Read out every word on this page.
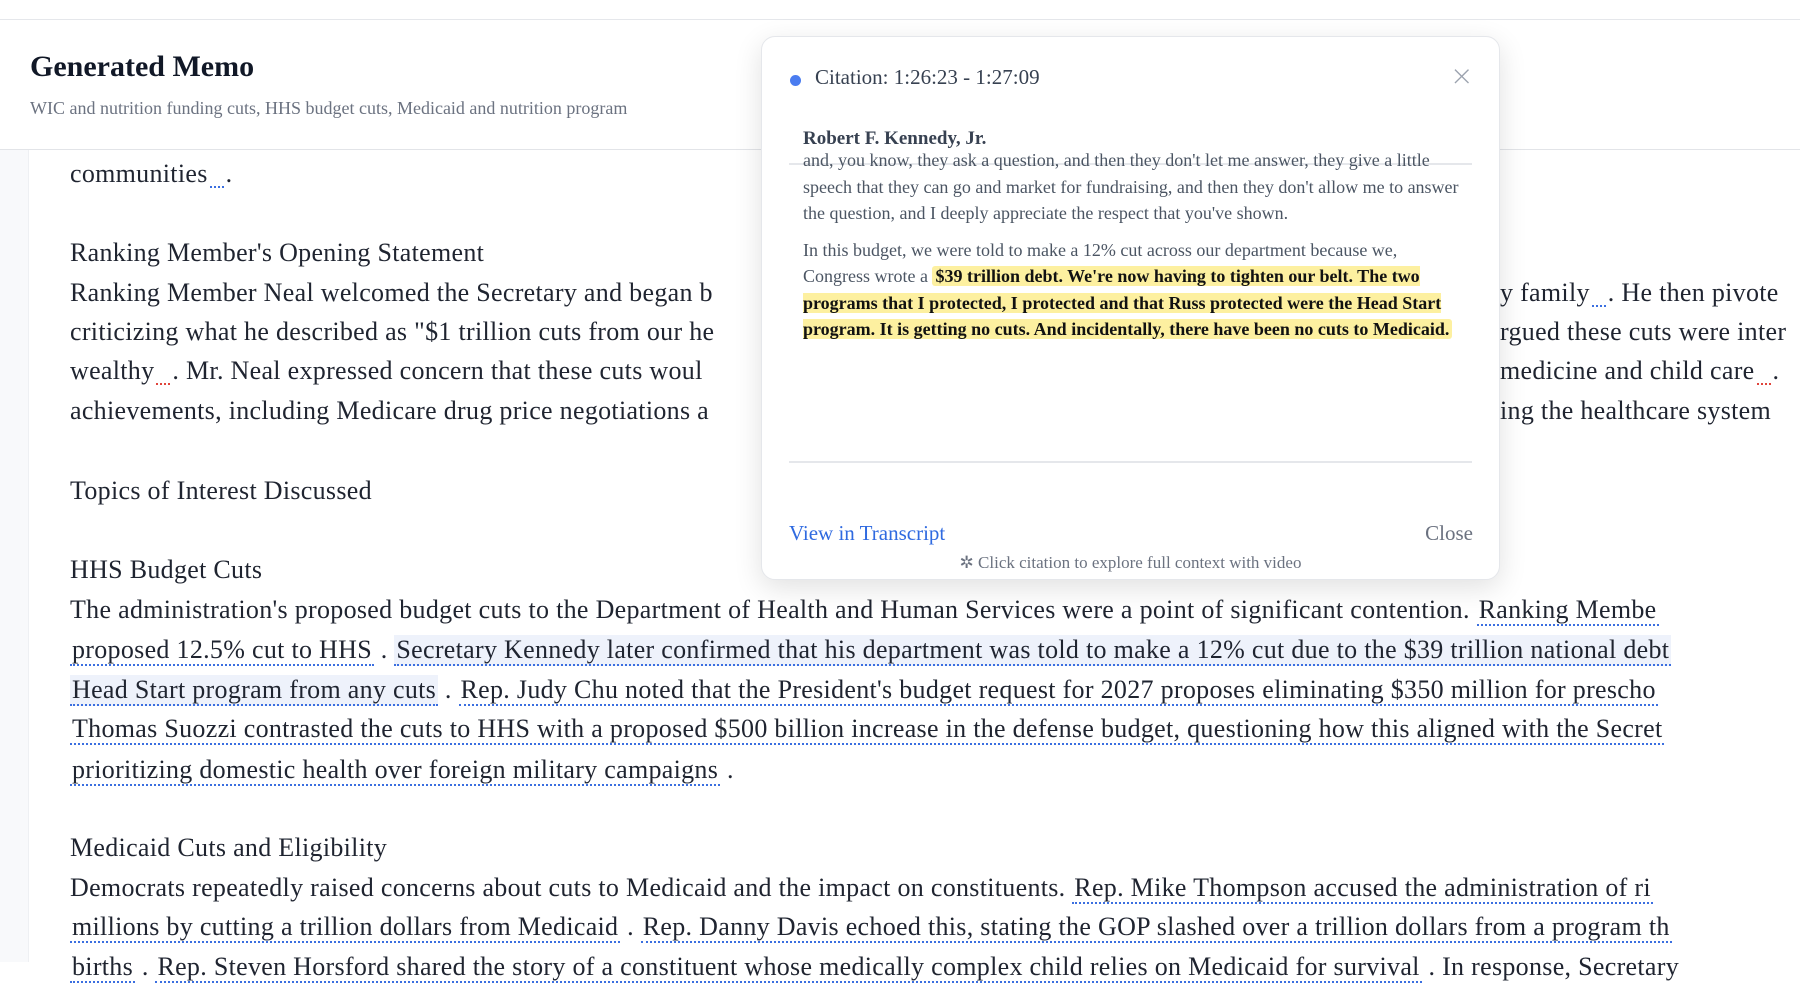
Generated Memo
WIC and nutrition funding cuts, HHS budget cuts, Medicaid and nutrition program
communities .
Ranking Member's Opening Statement
Ranking Member Neal welcomed the Secretary and began b	y family . He then pivote
criticizing what he described as "$1 trillion cuts from our he	rgued these cuts were inter
wealthy . Mr. Neal expressed concern that these cuts woul	medicine and child care .
achievements, including Medicare drug price negotiations a	ing the healthcare system
Topics of Interest Discussed
HHS Budget Cuts
The administration's proposed budget cuts to the Department of Health and Human Services were a point of significant contention. Ranking Membe
proposed 12.5% cut to HHS . Secretary Kennedy later confirmed that his department was told to make a 12% cut due to the $39 trillion national debt
Head Start program from any cuts . Rep. Judy Chu noted that the President's budget request for 2027 proposes eliminating $350 million for prescho
Thomas Suozzi contrasted the cuts to HHS with a proposed $500 billion increase in the defense budget, questioning how this aligned with the Secret
prioritizing domestic health over foreign military campaigns .
Medicaid Cuts and Eligibility
Democrats repeatedly raised concerns about cuts to Medicaid and the impact on constituents. Rep. Mike Thompson accused the administration of ri
millions by cutting a trillion dollars from Medicaid . Rep. Danny Davis echoed this, stating the GOP slashed over a trillion dollars from a program th
births . Rep. Steven Horsford shared the story of a constituent whose medically complex child relies on Medicaid for survival . In response, Secretary
Citation: 1:26:23 - 1:27:09	×
Robert F. Kennedy, Jr.

and, you know, they ask a question, and then they don't let me answer, they give a little speech that they can go and market for fundraising, and then they don't allow me to answer the question, and I deeply appreciate the respect that you've shown.

In this budget, we were told to make a 12% cut across our department because we, Congress wrote a $39 trillion debt. We're now having to tighten our belt. The two programs that I protected, I protected and that Russ protected were the Head Start program. It is getting no cuts. And incidentally, there have been no cuts to Medicaid.

View in Transcript	Close
✲ Click citation to explore full context with video
